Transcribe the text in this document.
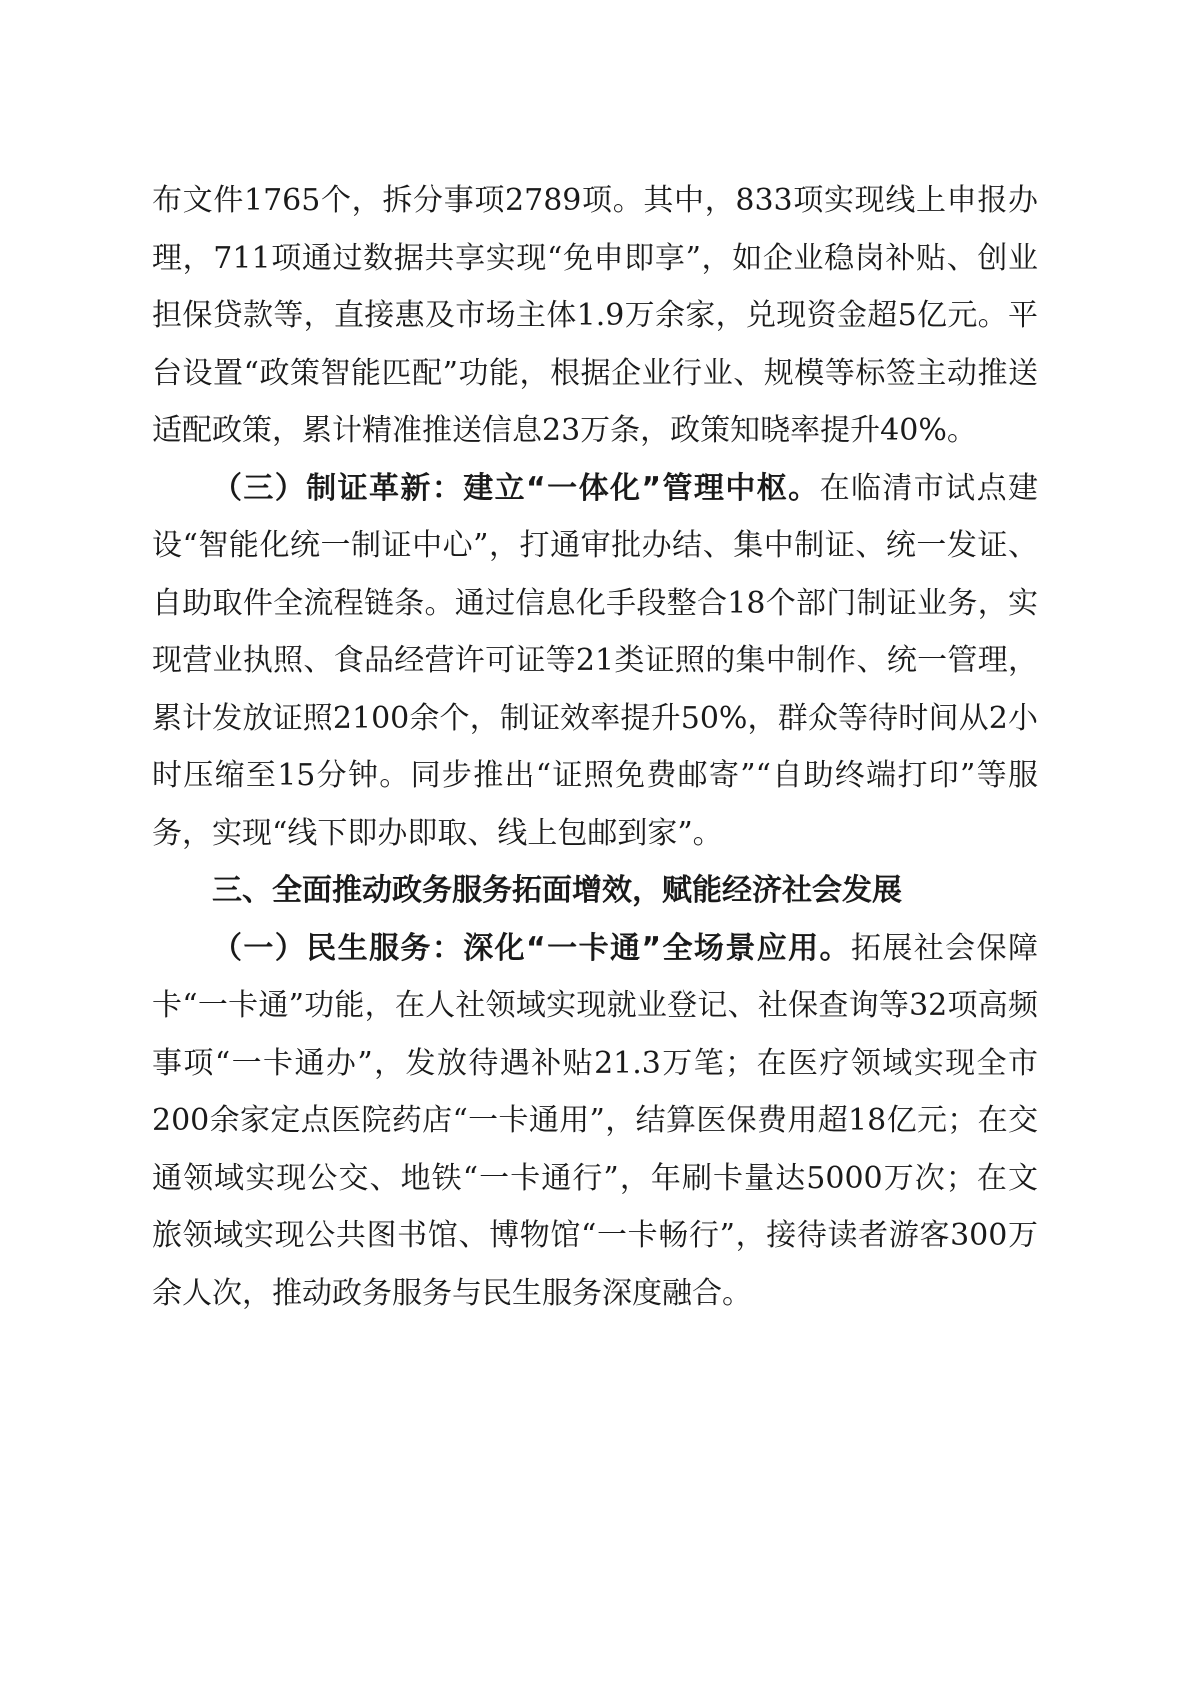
布文件1765个，拆分事项2789项。其中，833项实现线上申报办理，711项通过数据共享实现“免申即享”，如企业稳岗补贴、创业担保贷款等，直接惠及市场主体1.9万余家，兑现资金超5亿元。平台设置“政策智能匹配”功能，根据企业行业、规模等标签主动推送适配政策，累计精准推送信息23万条，政策知晓率提升40%。

（三）制证革新：建立“一体化”管理中枢。在临清市试点建设“智能化统一制证中心”，打通审批办结、集中制证、统一发证、自助取件全流程链条。通过信息化手段整合18个部门制证业务，实现营业执照、食品经营许可证等21类证照的集中制作、统一管理，累计发放证照2100余个，制证效率提升50%，群众等待时间从2小时压缩至15分钟。同步推出“证照免费邮寄”“自助终端打印”等服务，实现“线下即办即取、线上包邮到家”。

三、全面推动政务服务拓面增效，赋能经济社会发展

（一）民生服务：深化“一卡通”全场景应用。拓展社会保障卡“一卡通”功能，在人社领域实现就业登记、社保查询等32项高频事项“一卡通办”，发放待遇补贴21.3万笔；在医疗领域实现全市200余家定点医院药店“一卡通用”，结算医保费用超18亿元；在交通领域实现公交、地铁“一卡通行”，年刷卡量达5000万次；在文旅领域实现公共图书馆、博物馆“一卡畅行”，接待读者游客300万余人次，推动政务服务与民生服务深度融合。
